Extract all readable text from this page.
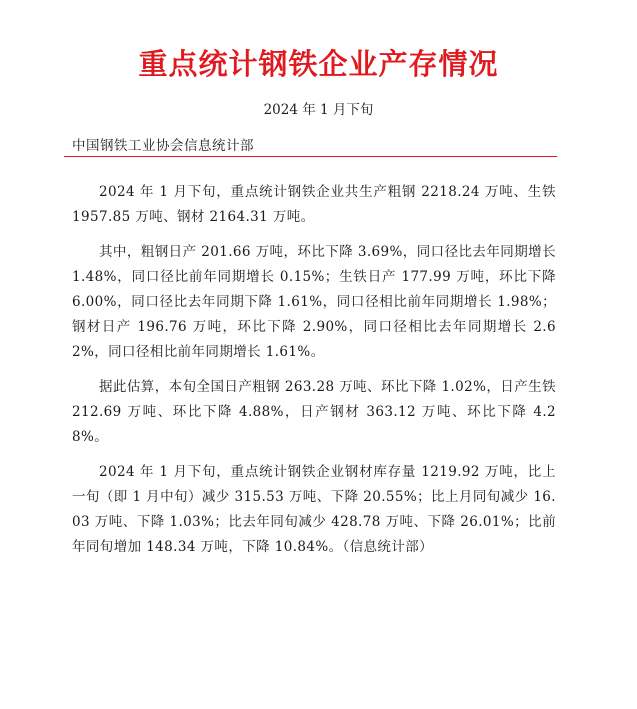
重点统计钢铁企业产存情况
2024 年 1 月下旬
中国钢铁工业协会信息统计部

2024 年 1 月下旬，重点统计钢铁企业共生产粗钢 2218.24 万吨、生铁 1957.85 万吨、钢材 2164.31 万吨。

其中，粗钢日产 201.66 万吨，环比下降 3.69%，同口径比去年同期增长 1.48%，同口径比前年同期增长 0.15%；生铁日产 177.99 万吨，环比下降 6.00%，同口径比去年同期下降 1.61%，同口径相比前年同期增长 1.98%；钢材日产 196.76 万吨，环比下降 2.90%，同口径相比去年同期增长 2.62%，同口径相比前年同期增长 1.61%。

据此估算，本旬全国日产粗钢 263.28 万吨、环比下降 1.02%，日产生铁 212.69 万吨、环比下降 4.88%，日产钢材 363.12 万吨、环比下降 4.28%。

2024 年 1 月下旬，重点统计钢铁企业钢材库存量 1219.92 万吨，比上一旬（即 1 月中旬）减少 315.53 万吨、下降 20.55%；比上月同旬减少 16.03 万吨、下降 1.03%；比去年同旬减少 428.78 万吨、下降 26.01%；比前年同旬增加 148.34 万吨，下降 10.84%。（信息统计部）
